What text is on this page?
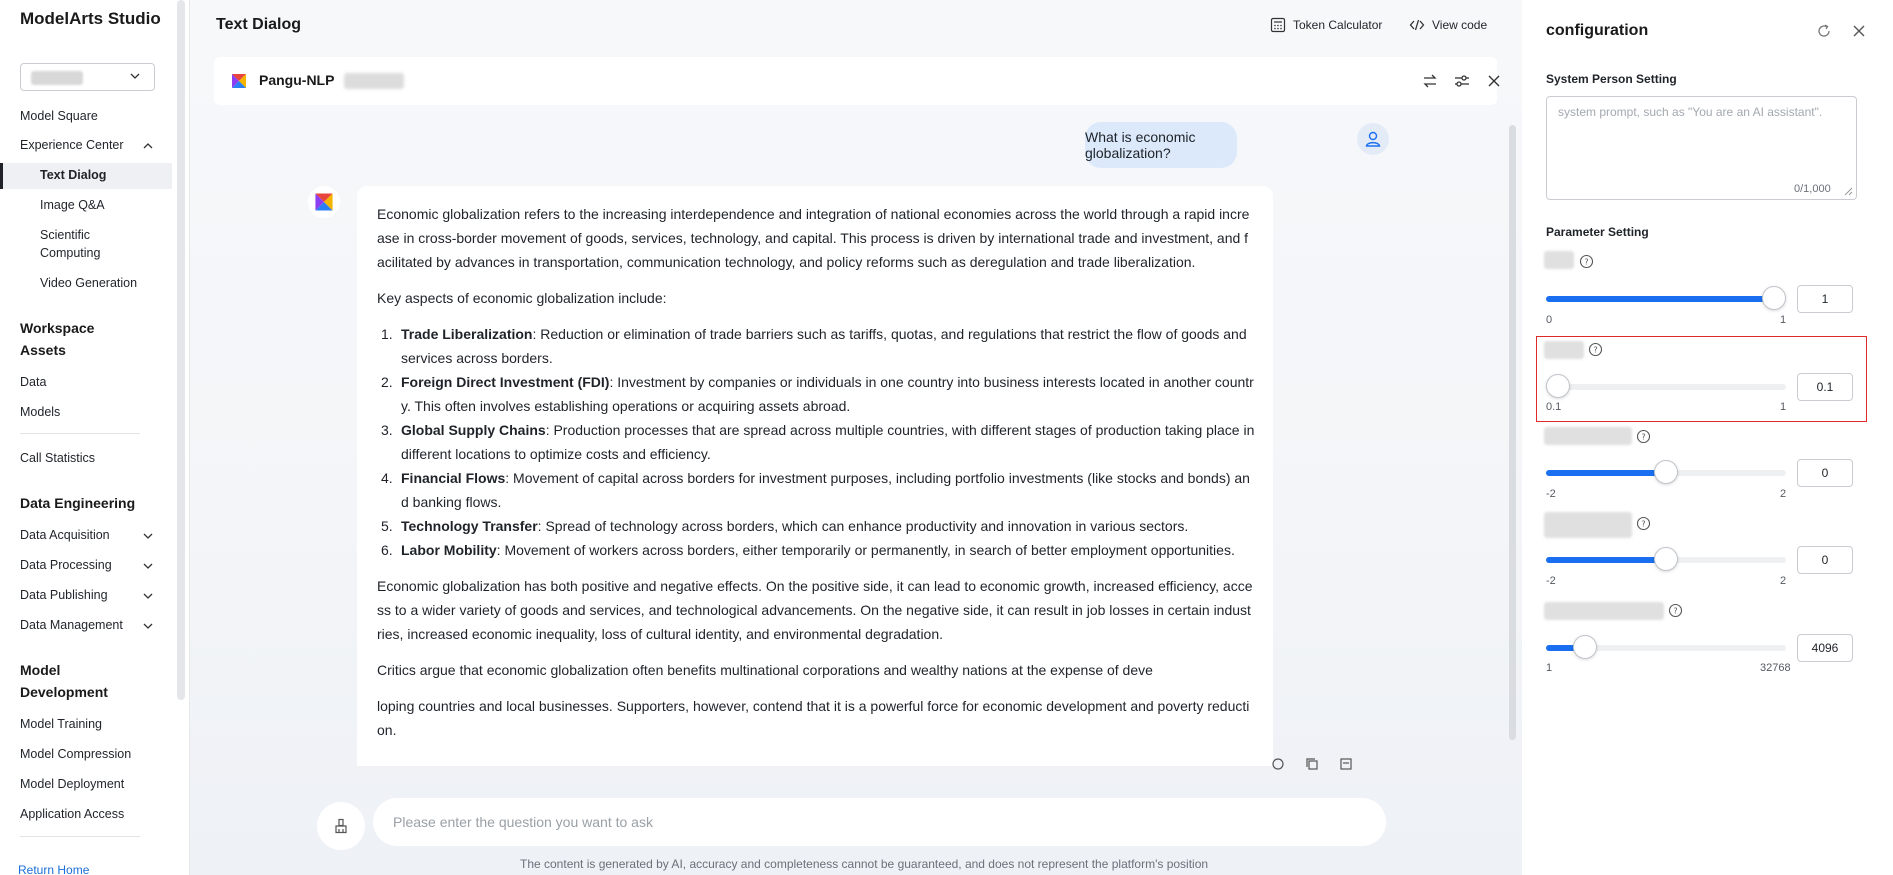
ModelArts Studio
Model Square
Experience Center
Text Dialog
Image Q&A
Scientific
Computing
Video Generation
Workspace
Assets
Data
Models
Call Statistics
Data Engineering
Data Acquisition
Data Processing
Data Publishing
Data Management
Model
Development
Model Training
Model Compression
Model Deployment
Application Access
Return Home
Text Dialog	Token Calculator	View code
Pangu-NLP
What is economic globalization?

Economic globalization refers to the increasing interdependence and integration of national economies across the world through a rapid increase in cross-border movement of goods, services, technology, and capital. This process is driven by international trade and investment, and facilitated by advances in transportation, communication technology, and policy reforms such as deregulation and trade liberalization.

Key aspects of economic globalization include:

1. Trade Liberalization: Reduction or elimination of trade barriers such as tariffs, quotas, and regulations that restrict the flow of goods and services across borders.
2. Foreign Direct Investment (FDI): Investment by companies or individuals in one country into business interests located in another country. This often involves establishing operations or acquiring assets abroad.
3. Global Supply Chains: Production processes that are spread across multiple countries, with different stages of production taking place in different locations to optimize costs and efficiency.
4. Financial Flows: Movement of capital across borders for investment purposes, including portfolio investments (like stocks and bonds) and banking flows.
5. Technology Transfer: Spread of technology across borders, which can enhance productivity and innovation in various sectors.
6. Labor Mobility: Movement of workers across borders, either temporarily or permanently, in search of better employment opportunities.

Economic globalization has both positive and negative effects. On the positive side, it can lead to economic growth, increased efficiency, access to a wider variety of goods and services, and technological advancements. On the negative side, it can result in job losses in certain industries, increased economic inequality, loss of cultural identity, and environmental degradation.

Critics argue that economic globalization often benefits multinational corporations and wealthy nations at the expense of deve

loping countries and local businesses. Supporters, however, contend that it is a powerful force for economic development and poverty reduction.

Please enter the question you want to ask
The content is generated by AI, accuracy and completeness cannot be guaranteed, and does not represent the platform's position
configuration
System Person Setting
system prompt, such as "You are an AI assistant".
0/1,000
Parameter Setting
?
1
0	1
?
0.1
0.1	1
?
0
-2	2
?
0
-2	2
?
4096
1	32768
